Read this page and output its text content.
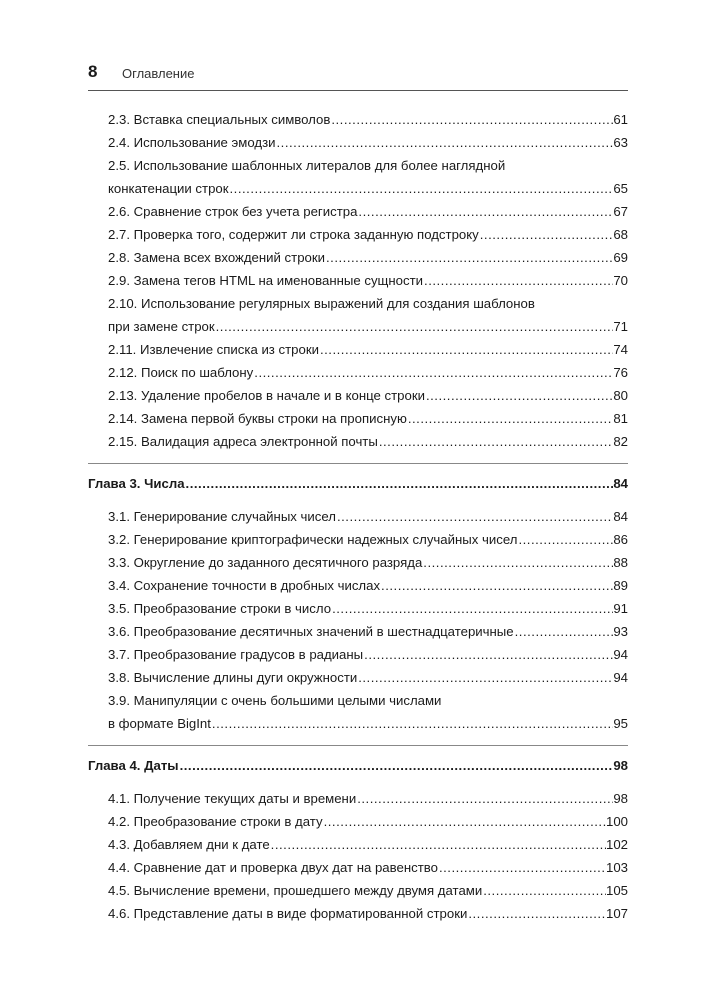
8 Оглавление
2.3. Вставка специальных символов .....	61
2.4. Использование эмодзи .....	63
2.5. Использование шаблонных литералов для более наглядной
конкатенации строк .....	65
2.6. Сравнение строк без учета регистра .....	67
2.7. Проверка того, содержит ли строка заданную подстроку .....	68
2.8. Замена всех вхождений строки .....	69
2.9. Замена тегов HTML на именованные сущности .....	70
2.10. Использование регулярных выражений для создания шаблонов
при замене строк .....	71
2.11. Извлечение списка из строки .....	74
2.12. Поиск по шаблону .....	76
2.13. Удаление пробелов в начале и в конце строки .....	80
2.14. Замена первой буквы строки на прописную .....	81
2.15. Валидация адреса электронной почты .....	82
Глава 3. Числа .....	84
3.1. Генерирование случайных чисел .....	84
3.2. Генерирование криптографически надежных случайных чисел .....	86
3.3. Округление до заданного десятичного разряда .....	88
3.4. Сохранение точности в дробных числах .....	89
3.5. Преобразование строки в число .....	91
3.6. Преобразование десятичных значений в шестнадцатеричные .....	93
3.7. Преобразование градусов в радианы .....	94
3.8. Вычисление длины дуги окружности .....	94
3.9. Манипуляции с очень большими целыми числами
в формате BigInt .....	95
Глава 4. Даты .....	98
4.1. Получение текущих даты и времени .....	98
4.2. Преобразование строки в дату .....	100
4.3. Добавляем дни к дате .....	102
4.4. Сравнение дат и проверка двух дат на равенство .....	103
4.5. Вычисление времени, прошедшего между двумя датами .....	105
4.6. Представление даты в виде форматированной строки .....	107
